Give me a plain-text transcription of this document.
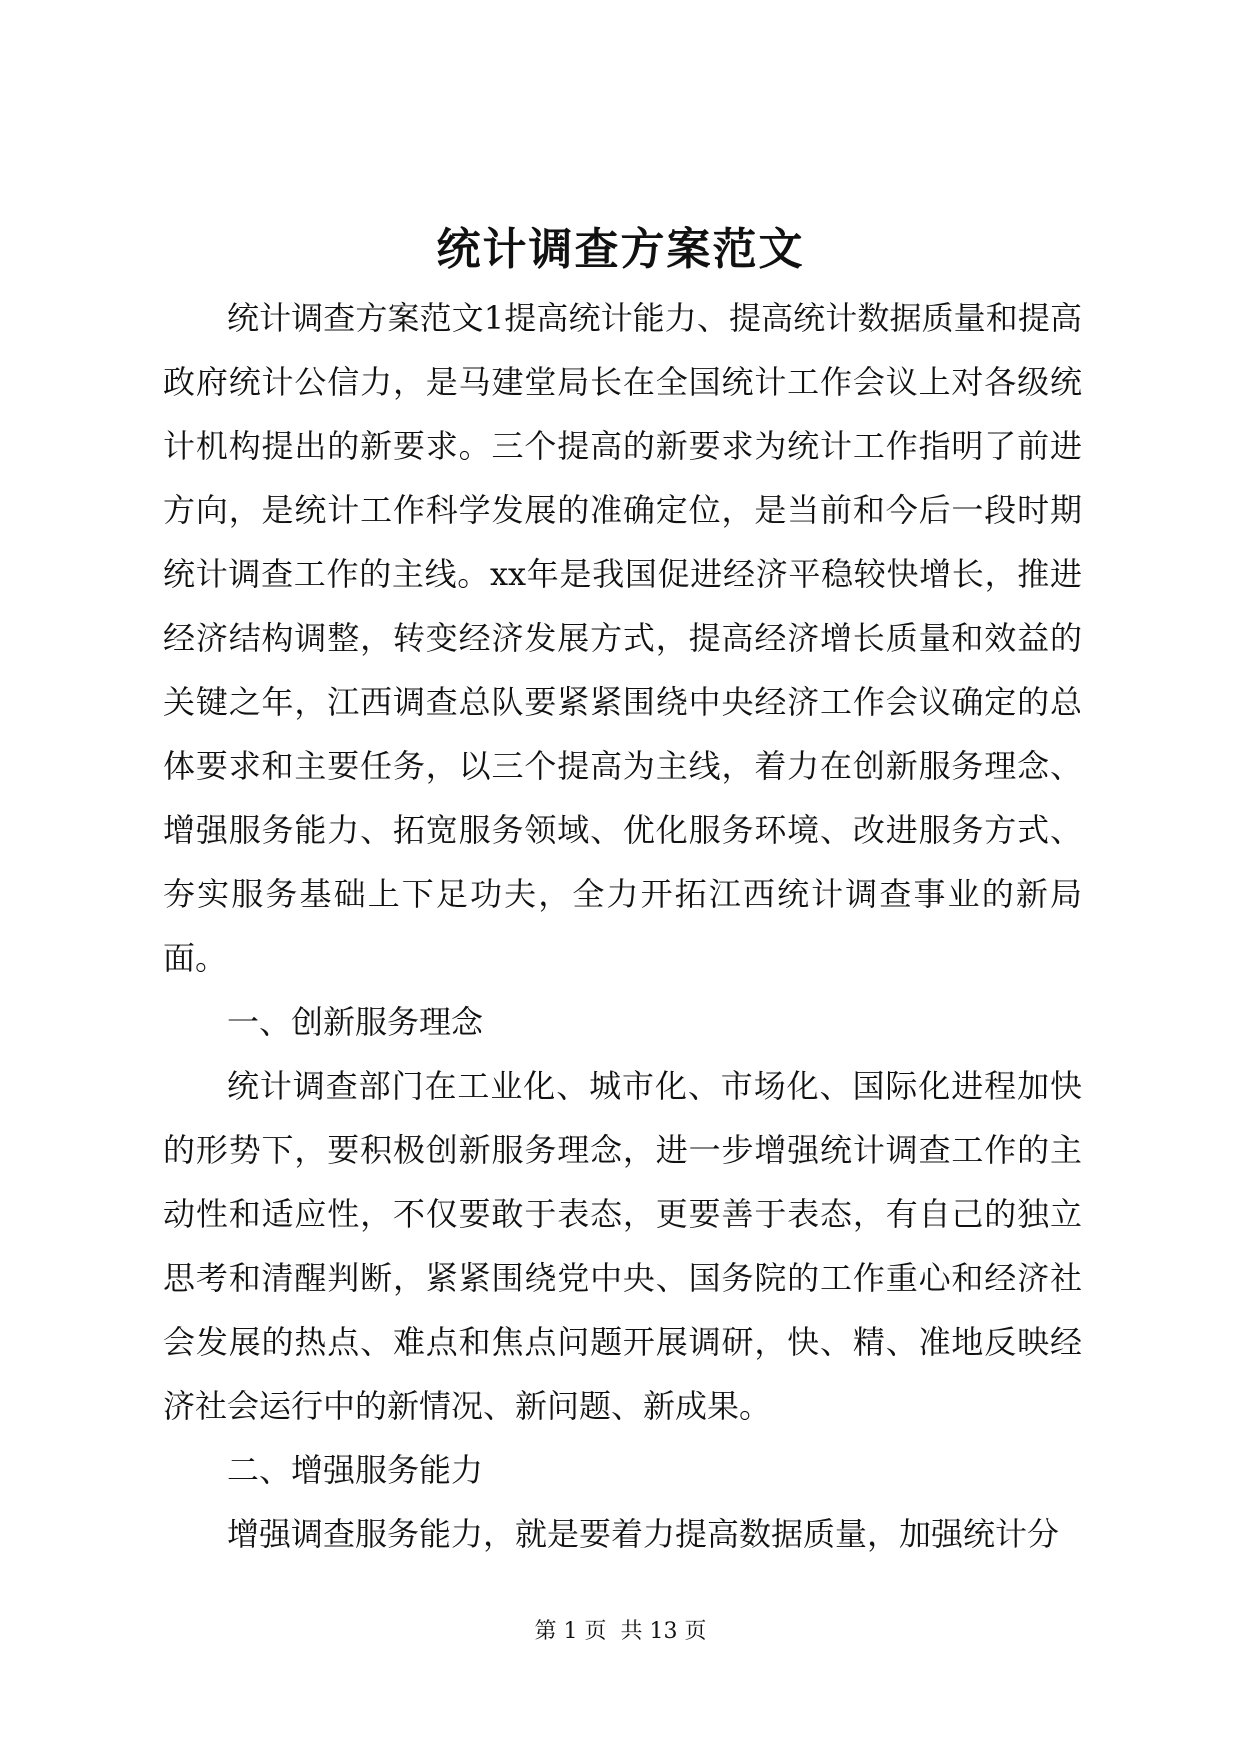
统计调查方案范文

统计调查方案范文1提高统计能力、提高统计数据质量和提高政府统计公信力，是马建堂局长在全国统计工作会议上对各级统计机构提出的新要求。三个提高的新要求为统计工作指明了前进方向，是统计工作科学发展的准确定位，是当前和今后一段时期统计调查工作的主线。xx年是我国促进经济平稳较快增长，推进经济结构调整，转变经济发展方式，提高经济增长质量和效益的关键之年，江西调查总队要紧紧围绕中央经济工作会议确定的总体要求和主要任务，以三个提高为主线，着力在创新服务理念、增强服务能力、拓宽服务领域、优化服务环境、改进服务方式、夯实服务基础上下足功夫，全力开拓江西统计调查事业的新局面。

一、创新服务理念

统计调查部门在工业化、城市化、市场化、国际化进程加快的形势下，要积极创新服务理念，进一步增强统计调查工作的主动性和适应性，不仅要敢于表态，更要善于表态，有自己的独立思考和清醒判断，紧紧围绕党中央、国务院的工作重心和经济社会发展的热点、难点和焦点问题开展调研，快、精、准地反映经济社会运行中的新情况、新问题、新成果。

二、增强服务能力

增强调查服务能力，就是要着力提高数据质量，加强统计分

第 1 页  共 13 页
